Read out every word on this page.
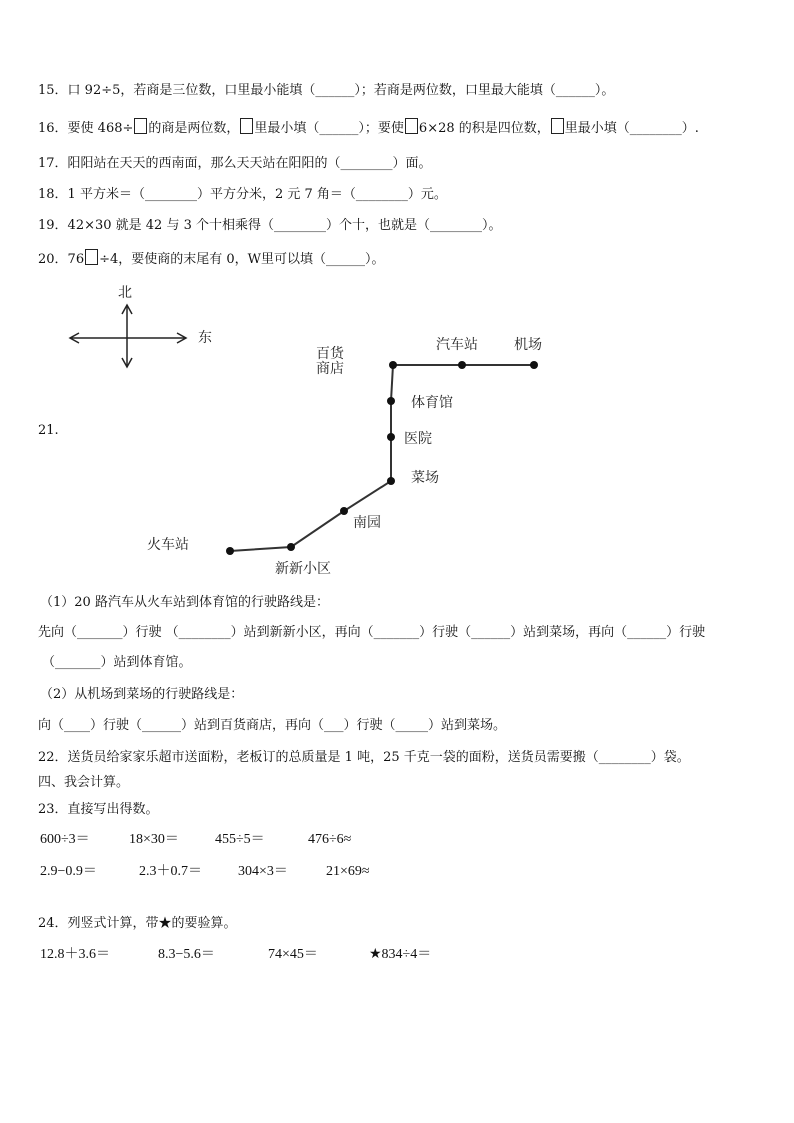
北
东
百货
商店
汽车站	机场
体育馆
医院
菜场
南园
火车站
新新小区
15．口 92÷5，若商是三位数，口里最小能填（______）；若商是两位数，口里最大能填（______）。
16．要使 468÷ 的商是两位数， 里最小填（______）；要使 6×28 的积是四位数， 里最小填（________）.
17．阳阳站在天天的西南面，那么天天站在阳阳的（________）面。
18．1 平方米＝（________）平方分米，2 元 7 角＝（________）元。
19．42×30 就是 42 与 3 个十相乘得（________）个十，也就是（________）。
20．76 ÷4，要使商的末尾有 0，W里可以填（______）。
21.
（1）20 路汽车从火车站到体育馆的行驶路线是：
先向（_______）行驶 （________）站到新新小区，再向（_______）行驶（______）站到菜场，再向（______）行驶
（_______）站到体育馆。
（2）从机场到菜场的行驶路线是：
向（____）行驶（______）站到百货商店，再向（___）行驶（_____）站到菜场。
22．送货员给家家乐超市送面粉，老板订的总质量是 1 吨，25 千克一袋的面粉，送货员需要搬（________）袋。
四、我会计算。
23．直接写出得数。
600÷3＝	18×30＝	455÷5＝	476÷6≈
2.9−0.9＝	2.3＋0.7＝	304×3＝	21×69≈
24．列竖式计算，带★的要验算。
12.8＋3.6＝	8.3−5.6＝	74×45＝	★834÷4＝
